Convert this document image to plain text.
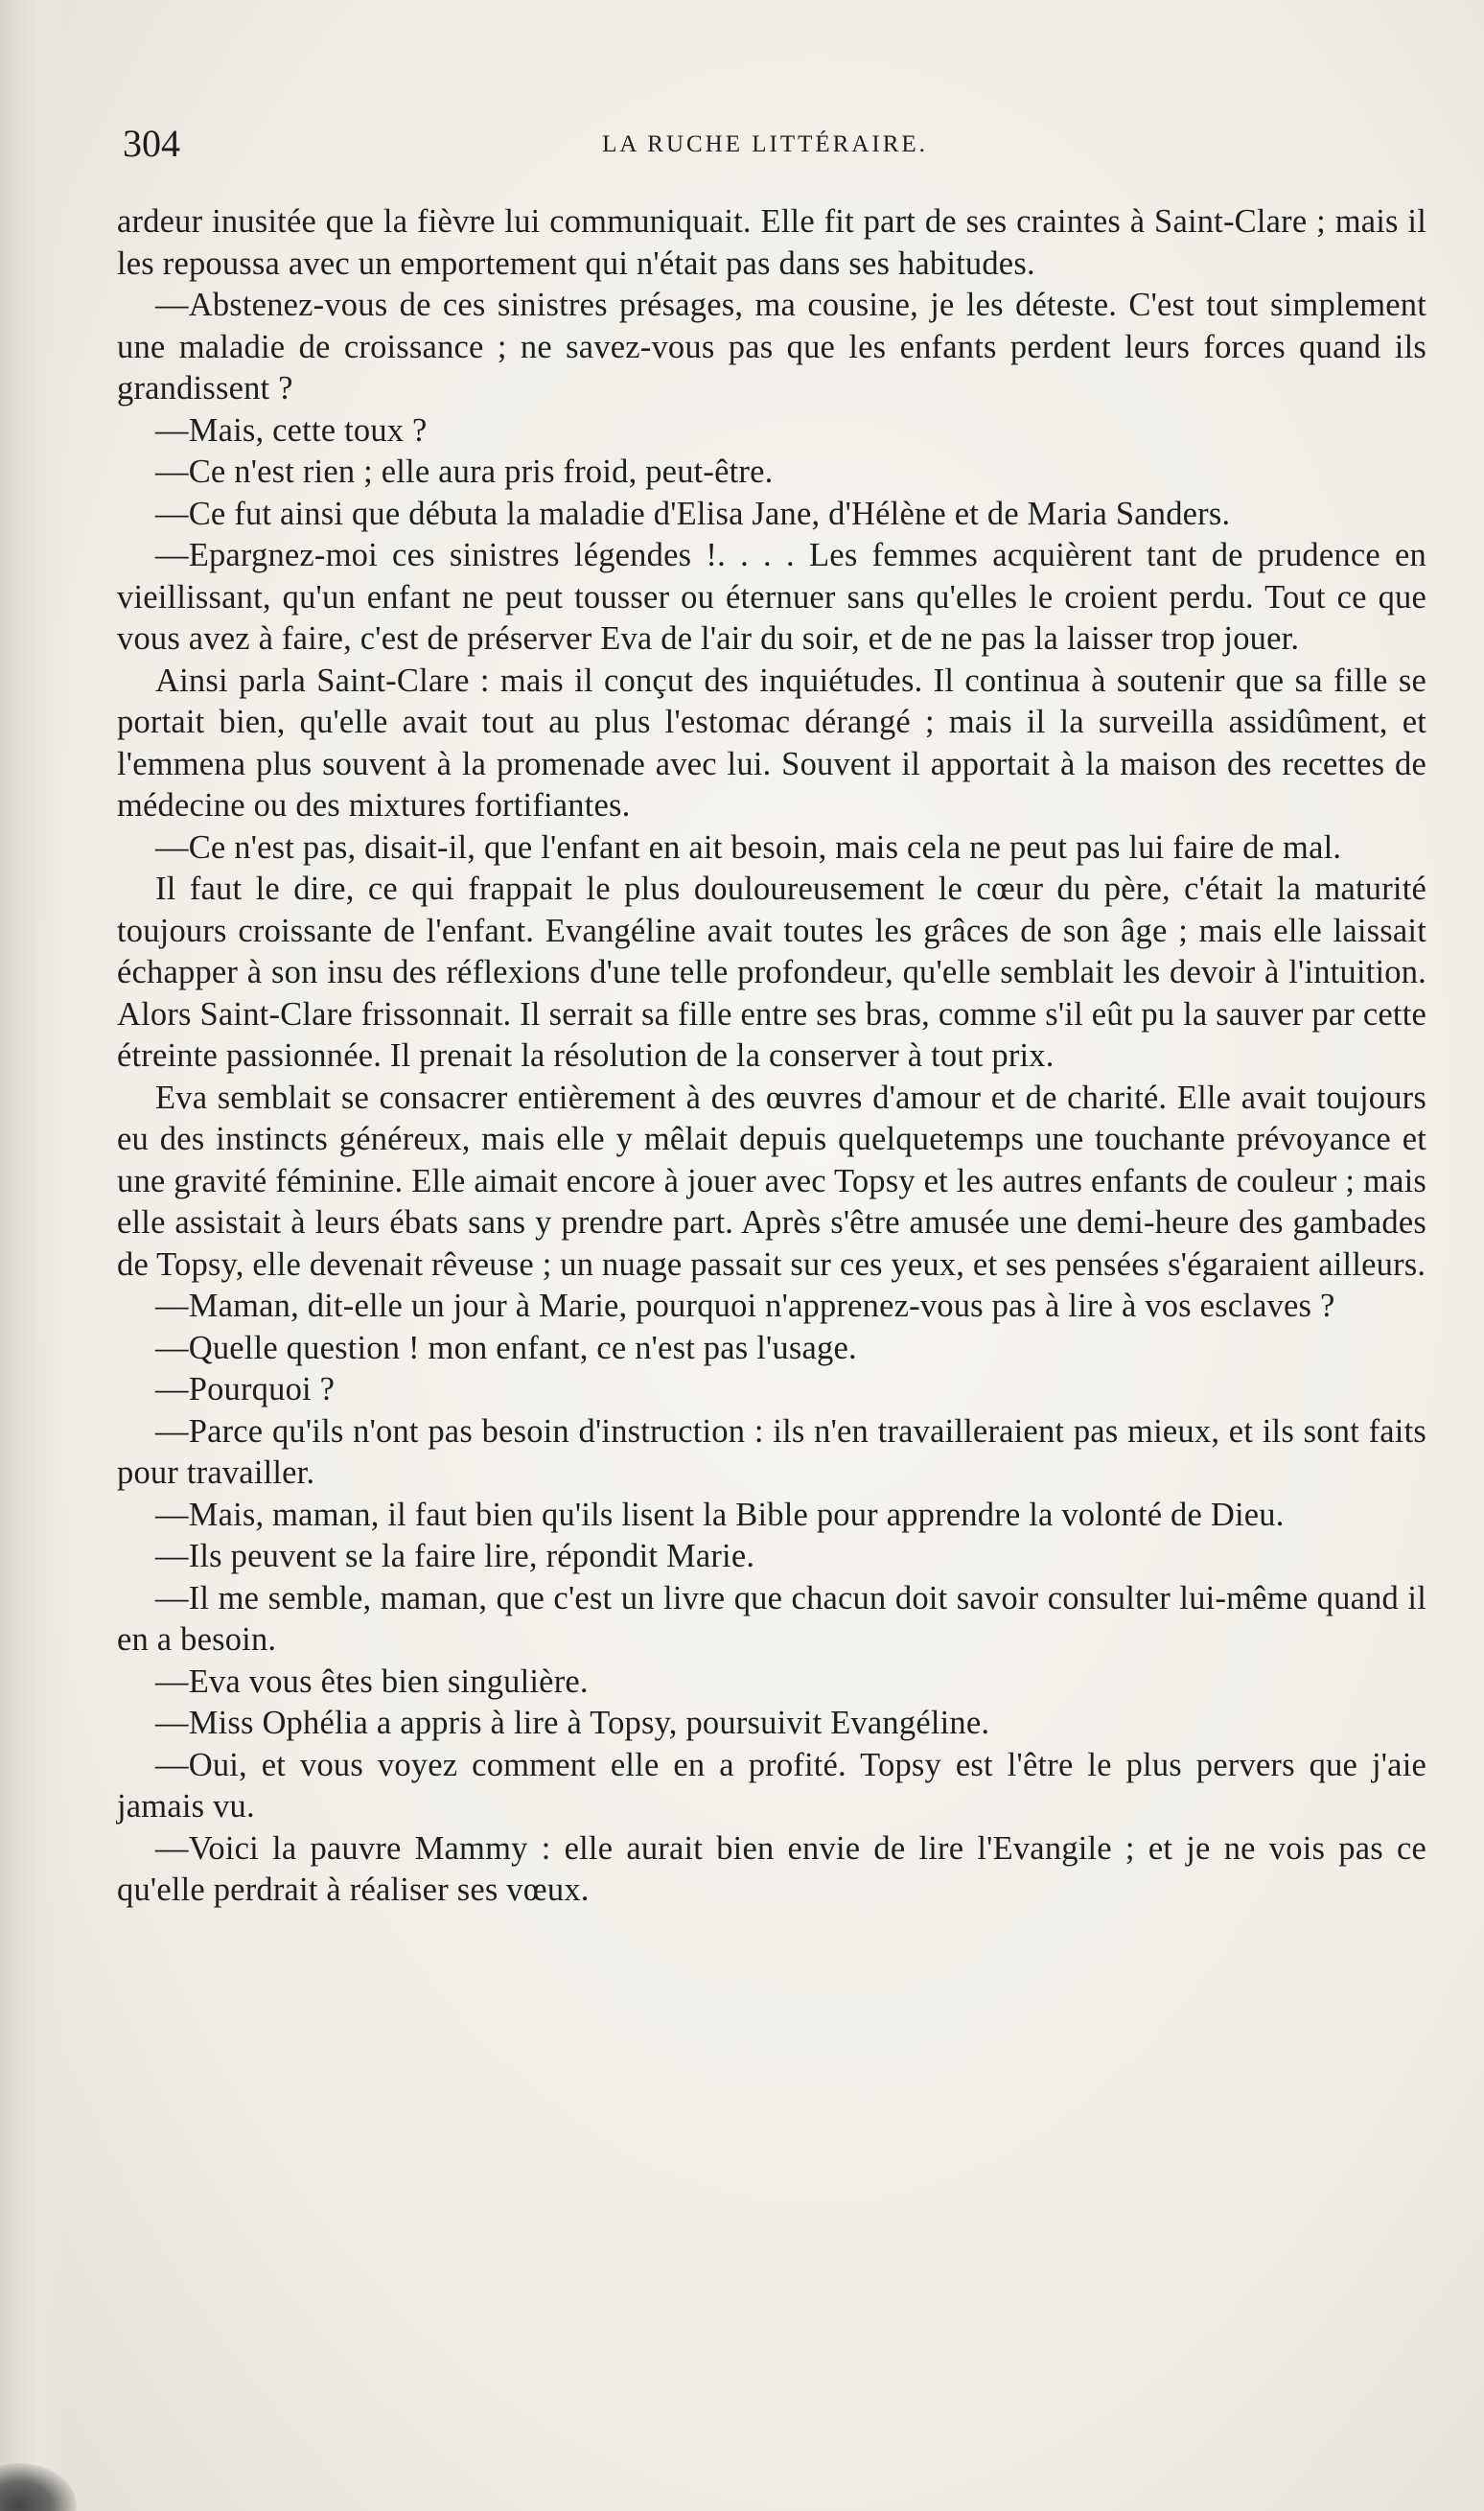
304	LA RUCHE LITTÉRAIRE.

ardeur inusitée que la fièvre lui communiquait. Elle fit part de ses craintes à Saint-Clare ; mais il les repoussa avec un emportement qui n'était pas dans ses habitudes.

—Abstenez-vous de ces sinistres présages, ma cousine, je les déteste. C'est tout simplement une maladie de croissance ; ne savez-vous pas que les enfants perdent leurs forces quand ils grandissent ?

—Mais, cette toux ?

—Ce n'est rien ; elle aura pris froid, peut-être.

—Ce fut ainsi que débuta la maladie d'Elisa Jane, d'Hélène et de Maria Sanders.

—Epargnez-moi ces sinistres légendes !. . . . Les femmes acquièrent tant de prudence en vieillissant, qu'un enfant ne peut tousser ou éternuer sans qu'elles le croient perdu. Tout ce que vous avez à faire, c'est de préserver Eva de l'air du soir, et de ne pas la laisser trop jouer.

Ainsi parla Saint-Clare : mais il conçut des inquiétudes. Il continua à soutenir que sa fille se portait bien, qu'elle avait tout au plus l'estomac dérangé ; mais il la surveilla assidûment, et l'emmena plus souvent à la promenade avec lui. Souvent il apportait à la maison des recettes de médecine ou des mixtures fortifiantes.

—Ce n'est pas, disait-il, que l'enfant en ait besoin, mais cela ne peut pas lui faire de mal.

Il faut le dire, ce qui frappait le plus douloureusement le cœur du père, c'était la maturité toujours croissante de l'enfant. Evangéline avait toutes les grâces de son âge ; mais elle laissait échapper à son insu des réflexions d'une telle profondeur, qu'elle semblait les devoir à l'intuition. Alors Saint-Clare frissonnait. Il serrait sa fille entre ses bras, comme s'il eût pu la sauver par cette étreinte passionnée. Il prenait la résolution de la conserver à tout prix.

Eva semblait se consacrer entièrement à des œuvres d'amour et de charité. Elle avait toujours eu des instincts généreux, mais elle y mêlait depuis quelquetemps une touchante prévoyance et une gravité féminine. Elle aimait encore à jouer avec Topsy et les autres enfants de couleur ; mais elle assistait à leurs ébats sans y prendre part. Après s'être amusée une demi-heure des gambades de Topsy, elle devenait rêveuse ; un nuage passait sur ces yeux, et ses pensées s'égaraient ailleurs.

—Maman, dit-elle un jour à Marie, pourquoi n'apprenez-vous pas à lire à vos esclaves ?

—Quelle question ! mon enfant, ce n'est pas l'usage.

—Pourquoi ?

—Parce qu'ils n'ont pas besoin d'instruction : ils n'en travailleraient pas mieux, et ils sont faits pour travailler.

—Mais, maman, il faut bien qu'ils lisent la Bible pour apprendre la volonté de Dieu.

—Ils peuvent se la faire lire, répondit Marie.

—Il me semble, maman, que c'est un livre que chacun doit savoir consulter lui-même quand il en a besoin.

—Eva vous êtes bien singulière.

—Miss Ophélia a appris à lire à Topsy, poursuivit Evangéline.

—Oui, et vous voyez comment elle en a profité. Topsy est l'être le plus pervers que j'aie jamais vu.

—Voici la pauvre Mammy : elle aurait bien envie de lire l'Evangile ; et je ne vois pas ce qu'elle perdrait à réaliser ses vœux.
